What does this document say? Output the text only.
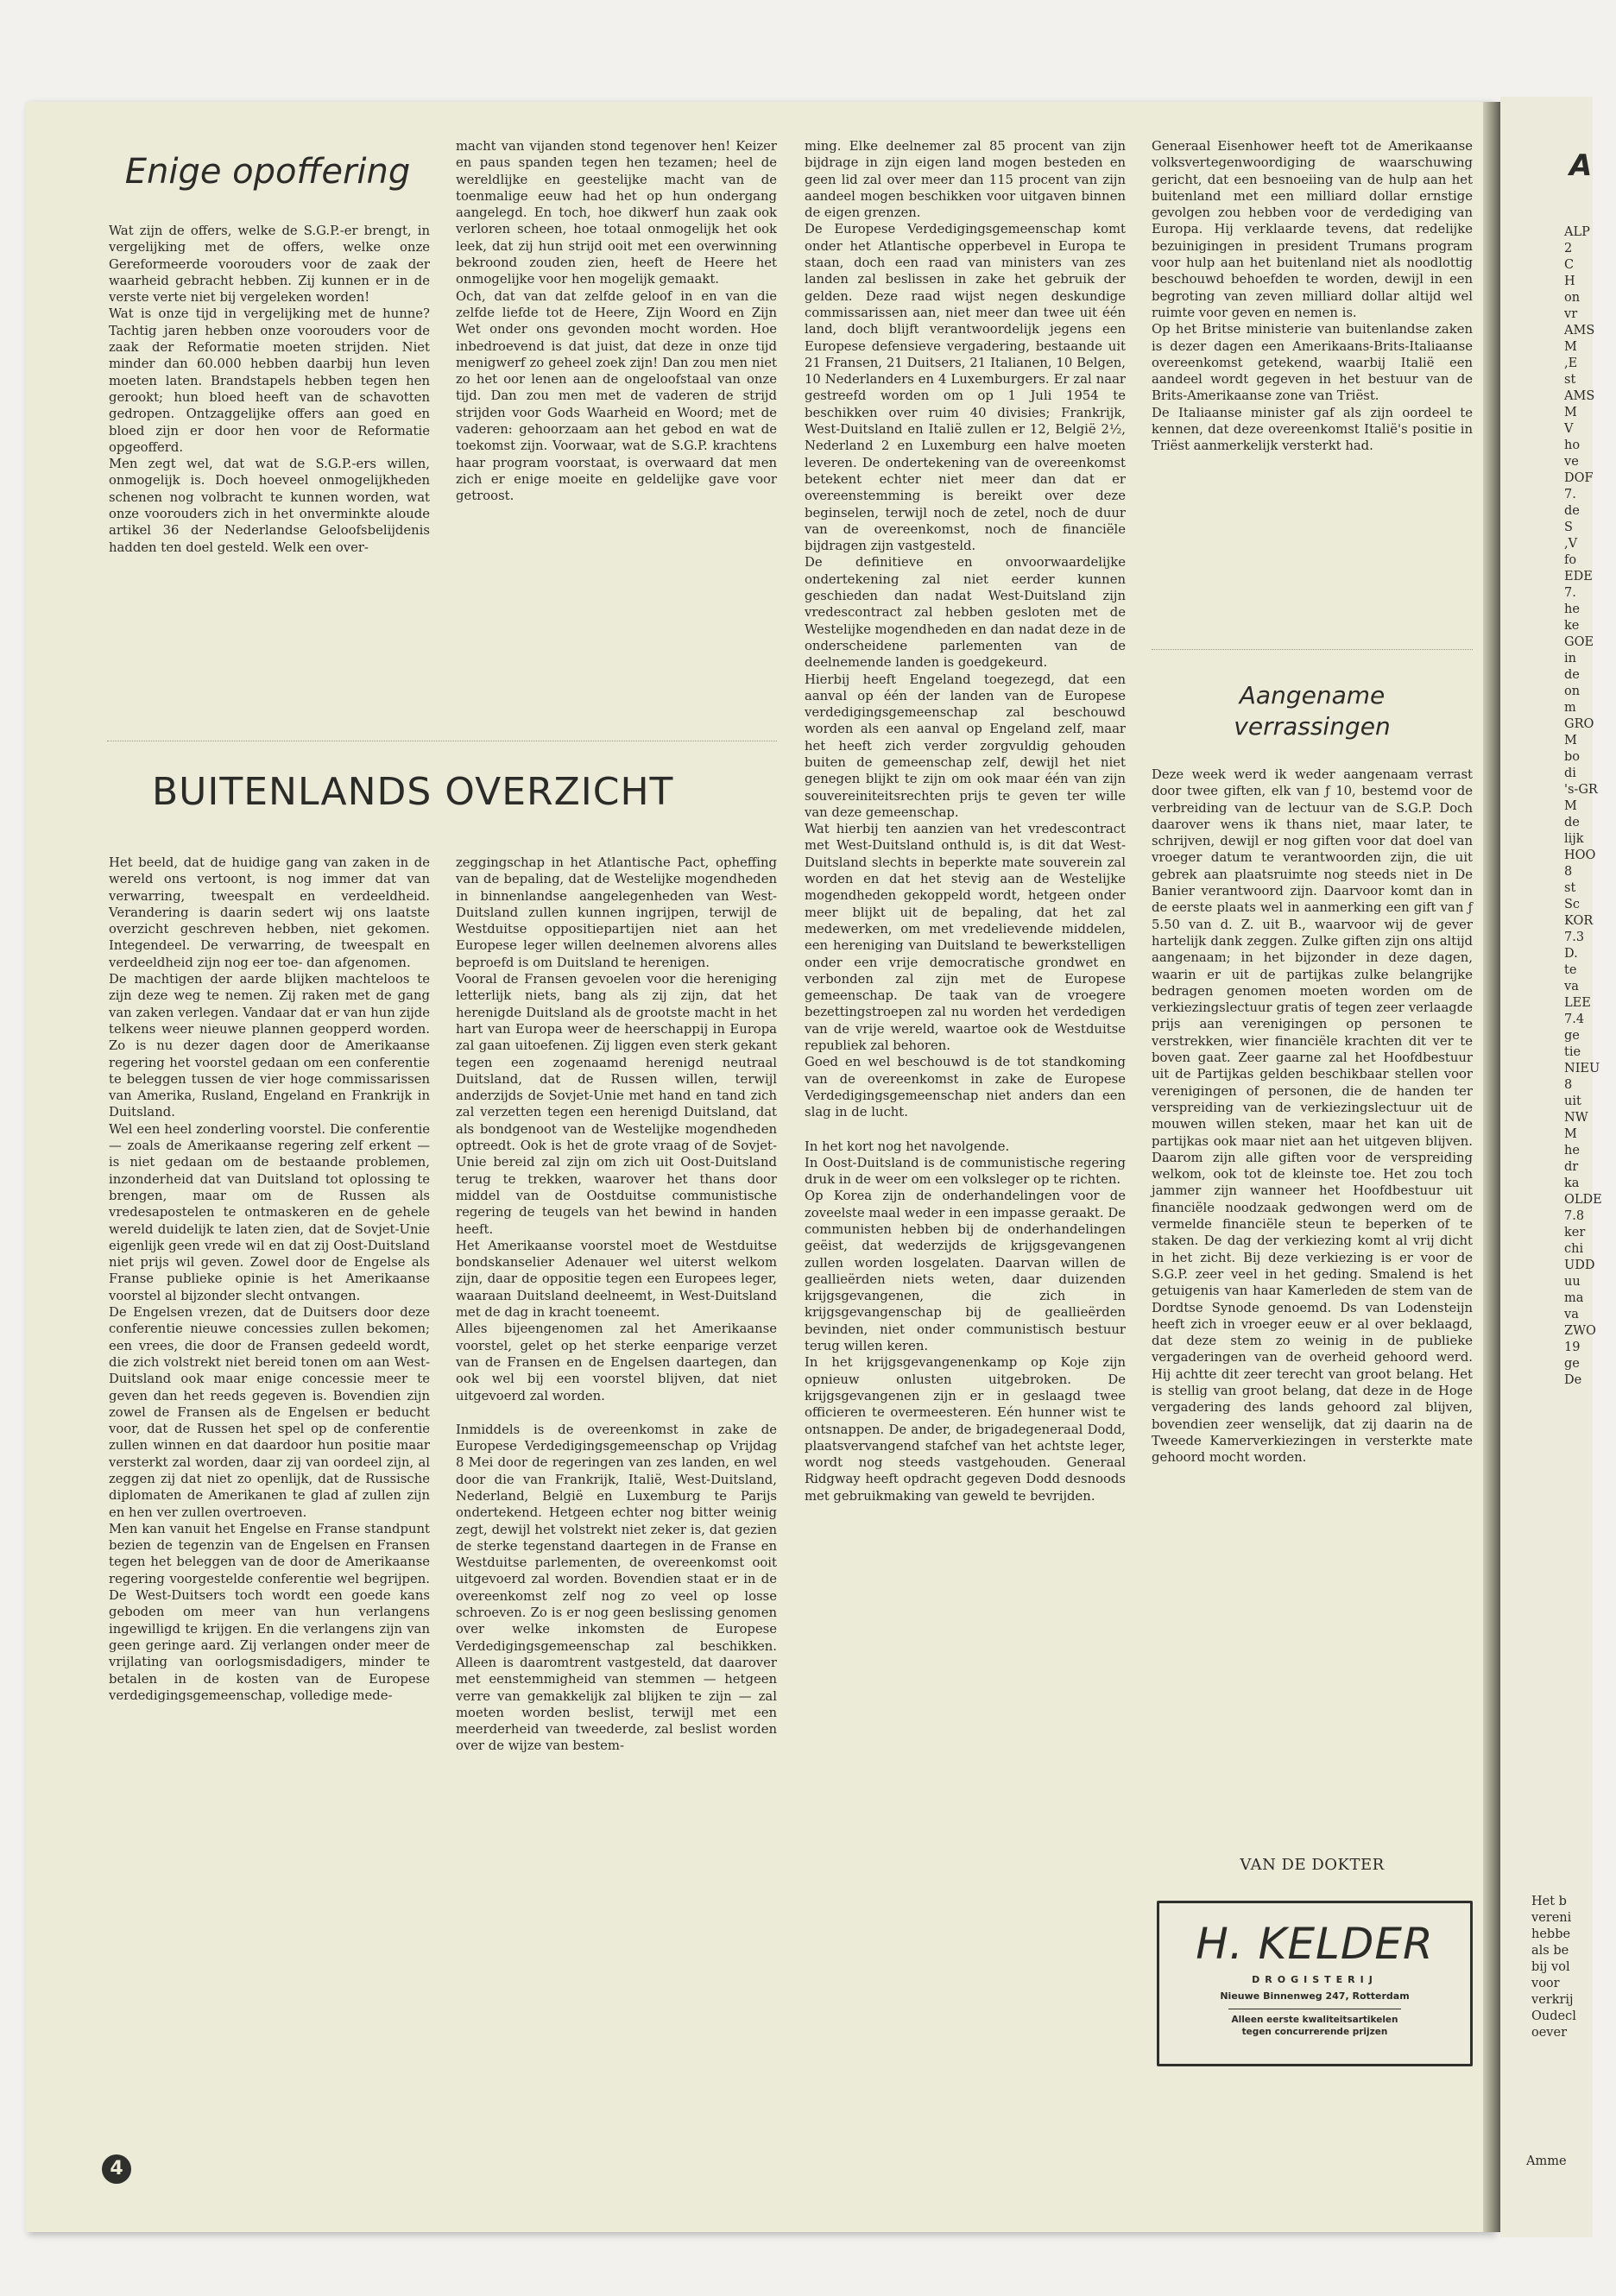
Enige opoffering

Wat zijn de offers, welke de S.G.P.-er brengt, in vergelijking met de offers, welke onze Gereformeerde voorouders voor de zaak der waarheid gebracht hebben. Zij kunnen er in de verste verte niet bij vergeleken worden!

Wat is onze tijd in vergelijking met de hunne? Tachtig jaren hebben onze voorouders voor de zaak der Reformatie moeten strijden. Niet minder dan 60.000 hebben daarbij hun leven moeten laten. Brandstapels hebben tegen hen gerookt; hun bloed heeft van de schavotten gedropen. Ontzaggelijke offers aan goed en bloed zijn er door hen voor de Reformatie opgeofferd.

Men zegt wel, dat wat de S.G.P.-ers willen, onmogelijk is. Doch hoeveel onmogelijkheden schenen nog volbracht te kunnen worden, wat onze voorouders zich in het onverminkte aloude artikel 36 der Nederlandse Geloofsbelijdenis hadden ten doel gesteld. Welk een over-

macht van vijanden stond tegenover hen! Keizer en paus spanden tegen hen tezamen; heel de wereldlijke en geestelijke macht van de toenmalige eeuw had het op hun ondergang aangelegd. En toch, hoe dikwerf hun zaak ook verloren scheen, hoe totaal onmogelijk het ook leek, dat zij hun strijd ooit met een overwinning bekroond zouden zien, heeft de Heere het onmogelijke voor hen mogelijk gemaakt.

Och, dat van dat zelfde geloof in en van die zelfde liefde tot de Heere, Zijn Woord en Zijn Wet onder ons gevonden mocht worden. Hoe inbedroevend is dat juist, dat deze in onze tijd menigwerf zo geheel zoek zijn! Dan zou men niet zo het oor lenen aan de ongeloofstaal van onze tijd. Dan zou men met de vaderen de strijd strijden voor Gods Waarheid en Woord; met de vaderen: gehoorzaam aan het gebod en wat de toekomst zijn. Voorwaar, wat de S.G.P. krachtens haar program voorstaat, is overwaard dat men zich er enige moeite en geldelijke gave voor getroost.

BUITENLANDS OVERZICHT

Het beeld, dat de huidige gang van zaken in de wereld ons vertoont, is nog immer dat van verwarring, tweespalt en verdeeldheid. Verandering is daarin sedert wij ons laatste overzicht geschreven hebben, niet gekomen. Integendeel. De verwarring, de tweespalt en verdeeldheid zijn nog eer toe- dan afgenomen.

De machtigen der aarde blijken machteloos te zijn deze weg te nemen. Zij raken met de gang van zaken verlegen. Vandaar dat er van hun zijde telkens weer nieuwe plannen geopperd worden. Zo is nu dezer dagen door de Amerikaanse regering het voorstel gedaan om een conferentie te beleggen tussen de vier hoge commissarissen van Amerika, Rusland, Engeland en Frankrijk in Duitsland.

Wel een heel zonderling voorstel. Die conferentie — zoals de Amerikaanse regering zelf erkent — is niet gedaan om de bestaande problemen, inzonderheid dat van Duitsland tot oplossing te brengen, maar om de Russen als vredesapostelen te ontmaskeren en de gehele wereld duidelijk te laten zien, dat de Sovjet-Unie eigenlijk geen vrede wil en dat zij Oost-Duitsland niet prijs wil geven. Zowel door de Engelse als Franse publieke opinie is het Amerikaanse voorstel al bijzonder slecht ontvangen.

De Engelsen vrezen, dat de Duitsers door deze conferentie nieuwe concessies zullen bekomen; een vrees, die door de Fransen gedeeld wordt, die zich volstrekt niet bereid tonen om aan West-Duitsland ook maar enige concessie meer te geven dan het reeds gegeven is. Bovendien zijn zowel de Fransen als de Engelsen er beducht voor, dat de Russen het spel op de conferentie zullen winnen en dat daardoor hun positie maar versterkt zal worden, daar zij van oordeel zijn, al zeggen zij dat niet zo openlijk, dat de Russische diplomaten de Amerikanen te glad af zullen zijn en hen ver zullen overtroeven.

Men kan vanuit het Engelse en Franse standpunt bezien de tegenzin van de Engelsen en Fransen tegen het beleggen van de door de Amerikaanse regering voorgestelde conferentie wel begrijpen. De West-Duitsers toch wordt een goede kans geboden om meer van hun verlangens ingewilligd te krijgen. En die verlangens zijn van geen geringe aard. Zij verlangen onder meer de vrijlating van oorlogsmisdadigers, minder te betalen in de kosten van de Europese verdedigingsgemeenschap, volledige mede-

zeggingschap in het Atlantische Pact, opheffing van de bepaling, dat de Westelijke mogendheden in binnenlandse aangelegenheden van West-Duitsland zullen kunnen ingrijpen, terwijl de Westduitse oppositiepartijen niet aan het Europese leger willen deelnemen alvorens alles beproefd is om Duitsland te herenigen.

Vooral de Fransen gevoelen voor die hereniging letterlijk niets, bang als zij zijn, dat het herenigde Duitsland als de grootste macht in het hart van Europa weer de heerschappij in Europa zal gaan uitoefenen. Zij liggen even sterk gekant tegen een zogenaamd herenigd neutraal Duitsland, dat de Russen willen, terwijl anderzijds de Sovjet-Unie met hand en tand zich zal verzetten tegen een herenigd Duitsland, dat als bondgenoot van de Westelijke mogendheden optreedt. Ook is het de grote vraag of de Sovjet-Unie bereid zal zijn om zich uit Oost-Duitsland terug te trekken, waarover het thans door middel van de Oostduitse communistische regering de teugels van het bewind in handen heeft.

Het Amerikaanse voorstel moet de Westduitse bondskanselier Adenauer wel uiterst welkom zijn, daar de oppositie tegen een Europees leger, waaraan Duitsland deelneemt, in West-Duitsland met de dag in kracht toeneemt.

Alles bijeengenomen zal het Amerikaanse voorstel, gelet op het sterke eenparige verzet van de Fransen en de Engelsen daartegen, dan ook wel bij een voorstel blijven, dat niet uitgevoerd zal worden.

Inmiddels is de overeenkomst in zake de Europese Verdedigingsgemeenschap op Vrijdag 8 Mei door de regeringen van zes landen, en wel door die van Frankrijk, Italië, West-Duitsland, Nederland, België en Luxemburg te Parijs ondertekend. Hetgeen echter nog bitter weinig zegt, dewijl het volstrekt niet zeker is, dat gezien de sterke tegenstand daartegen in de Franse en Westduitse parlementen, de overeenkomst ooit uitgevoerd zal worden. Bovendien staat er in de overeenkomst zelf nog zo veel op losse schroeven. Zo is er nog geen beslissing genomen over welke inkomsten de Europese Verdedigingsgemeenschap zal beschikken. Alleen is daaromtrent vastgesteld, dat daarover met eenstemmigheid van stemmen — hetgeen verre van gemakkelijk zal blijken te zijn — zal moeten worden beslist, terwijl met een meerderheid van tweederde, zal beslist worden over de wijze van bestem-

ming. Elke deelnemer zal 85 procent van zijn bijdrage in zijn eigen land mogen besteden en geen lid zal over meer dan 115 procent van zijn aandeel mogen beschikken voor uitgaven binnen de eigen grenzen.

De Europese Verdedigingsgemeenschap komt onder het Atlantische opperbevel in Europa te staan, doch een raad van ministers van zes landen zal beslissen in zake het gebruik der gelden. Deze raad wijst negen deskundige commissarissen aan, niet meer dan twee uit één land, doch blijft verantwoordelijk jegens een Europese defensieve vergadering, bestaande uit 21 Fransen, 21 Duitsers, 21 Italianen, 10 Belgen, 10 Nederlanders en 4 Luxemburgers. Er zal naar gestreefd worden om op 1 Juli 1954 te beschikken over ruim 40 divisies; Frankrijk, West-Duitsland en Italië zullen er 12, België 2½, Nederland 2 en Luxemburg een halve moeten leveren. De ondertekening van de overeenkomst betekent echter niet meer dan dat er overeenstemming is bereikt over deze beginselen, terwijl noch de zetel, noch de duur van de overeenkomst, noch de financiële bijdragen zijn vastgesteld.

De definitieve en onvoorwaardelijke ondertekening zal niet eerder kunnen geschieden dan nadat West-Duitsland zijn vredescontract zal hebben gesloten met de Westelijke mogendheden en dan nadat deze in de onderscheidene parlementen van de deelnemende landen is goedgekeurd.

Hierbij heeft Engeland toegezegd, dat een aanval op één der landen van de Europese verdedigingsgemeenschap zal beschouwd worden als een aanval op Engeland zelf, maar het heeft zich verder zorgvuldig gehouden buiten de gemeenschap zelf, dewijl het niet genegen blijkt te zijn om ook maar één van zijn souvereiniteitsrechten prijs te geven ter wille van deze gemeenschap.

Wat hierbij ten aanzien van het vredescontract met West-Duitsland onthuld is, is dit dat West-Duitsland slechts in beperkte mate souverein zal worden en dat het stevig aan de Westelijke mogendheden gekoppeld wordt, hetgeen onder meer blijkt uit de bepaling, dat het zal medewerken, om met vredelievende middelen, een hereniging van Duitsland te bewerkstelligen onder een vrije democratische grondwet en verbonden zal zijn met de Europese gemeenschap. De taak van de vroegere bezettingstroepen zal nu worden het verdedigen van de vrije wereld, waartoe ook de Westduitse republiek zal behoren.

Goed en wel beschouwd is de tot standkoming van de overeenkomst in zake de Europese Verdedigingsgemeenschap niet anders dan een slag in de lucht.

In het kort nog het navolgende.

In Oost-Duitsland is de communistische regering druk in de weer om een volksleger op te richten.

Op Korea zijn de onderhandelingen voor de zoveelste maal weder in een impasse geraakt. De communisten hebben bij de onderhandelingen geëist, dat wederzijds de krijgsgevangenen zullen worden losgelaten. Daarvan willen de geallieërden niets weten, daar duizenden krijgsgevangenen, die zich in krijgsgevangenschap bij de geallieërden bevinden, niet onder communistisch bestuur terug willen keren.

In het krijgsgevangenenkamp op Koje zijn opnieuw onlusten uitgebroken. De krijgsgevangenen zijn er in geslaagd twee officieren te overmeesteren. Eén hunner wist te ontsnappen. De ander, de brigadegeneraal Dodd, plaatsvervangend stafchef van het achtste leger, wordt nog steeds vastgehouden. Generaal Ridgway heeft opdracht gegeven Dodd desnoods met gebruikmaking van geweld te bevrijden.

Generaal Eisenhower heeft tot de Amerikaanse volksvertegenwoordiging de waarschuwing gericht, dat een besnoeiing van de hulp aan het buitenland met een milliard dollar ernstige gevolgen zou hebben voor de verdediging van Europa. Hij verklaarde tevens, dat redelijke bezuinigingen in president Trumans program voor hulp aan het buitenland niet als noodlottig beschouwd behoefden te worden, dewijl in een begroting van zeven milliard dollar altijd wel ruimte voor geven en nemen is.

Op het Britse ministerie van buitenlandse zaken is dezer dagen een Amerikaans-Brits-Italiaanse overeenkomst getekend, waarbij Italië een aandeel wordt gegeven in het bestuur van de Brits-Amerikaanse zone van Triëst.

De Italiaanse minister gaf als zijn oordeel te kennen, dat deze overeenkomst Italië's positie in Triëst aanmerkelijk versterkt had.

Aangename
verrassingen

Deze week werd ik weder aangenaam verrast door twee giften, elk van ƒ 10, bestemd voor de verbreiding van de lectuur van de S.G.P. Doch daarover wens ik thans niet, maar later, te schrijven, dewijl er nog giften voor dat doel van vroeger datum te verantwoorden zijn, die uit gebrek aan plaatsruimte nog steeds niet in De Banier verantwoord zijn. Daarvoor komt dan in de eerste plaats wel in aanmerking een gift van ƒ 5.50 van d. Z. uit B., waarvoor wij de gever hartelijk dank zeggen. Zulke giften zijn ons altijd aangenaam; in het bijzonder in deze dagen, waarin er uit de partijkas zulke belangrijke bedragen genomen moeten worden om de verkiezingslectuur gratis of tegen zeer verlaagde prijs aan verenigingen op personen te verstrekken, wier financiële krachten dit ver te boven gaat. Zeer gaarne zal het Hoofdbestuur uit de Partijkas gelden beschikbaar stellen voor verenigingen of personen, die de handen ter verspreiding van de verkiezingslectuur uit de mouwen willen steken, maar het kan uit de partijkas ook maar niet aan het uitgeven blijven. Daarom zijn alle giften voor de verspreiding welkom, ook tot de kleinste toe. Het zou toch jammer zijn wanneer het Hoofdbestuur uit financiële noodzaak gedwongen werd om de vermelde financiële steun te beperken of te staken. De dag der verkiezing komt al vrij dicht in het zicht. Bij deze verkiezing is er voor de S.G.P. zeer veel in het geding. Smalend is het getuigenis van haar Kamerleden de stem van de Dordtse Synode genoemd. Ds van Lodensteijn heeft zich in vroeger eeuw er al over beklaagd, dat deze stem zo weinig in de publieke vergaderingen van de overheid gehoord werd. Hij achtte dit zeer terecht van groot belang. Het is stellig van groot belang, dat deze in de Hoge vergadering des lands gehoord zal blijven, bovendien zeer wenselijk, dat zij daarin na de Tweede Kamerverkiezingen in versterkte mate gehoord mocht worden.

VAN DE DOKTER
H. KELDER
DROGISTERIJ
Nieuwe Binnenweg 247, Rotterdam
Alleen eerste kwaliteitsartikelen
tegen concurrerende prijzen
4
A
ALP
2
C
H
on
vr
AMS
M
,E
st
AMS
M
V
ho
ve
DOF
7.
de
S
,V
fo
EDE
7.
he
ke
GOE
in
de
on
m
GRO
M
bo
di
's-GR
M
de
lijk
HOO
8
st
Sc
KOR
7.3
D.
te
va
LEE
7.4
ge
tie
NIEU
8
uit
NW
M
he
dr
ka
OLDE
7.8
ker
chi
UDD
uu
ma
va
ZWO
19
ge
De
Het b
vereni
hebbe
als be
bij vol
voor
verkrij
Oudecl
oever
Amme
